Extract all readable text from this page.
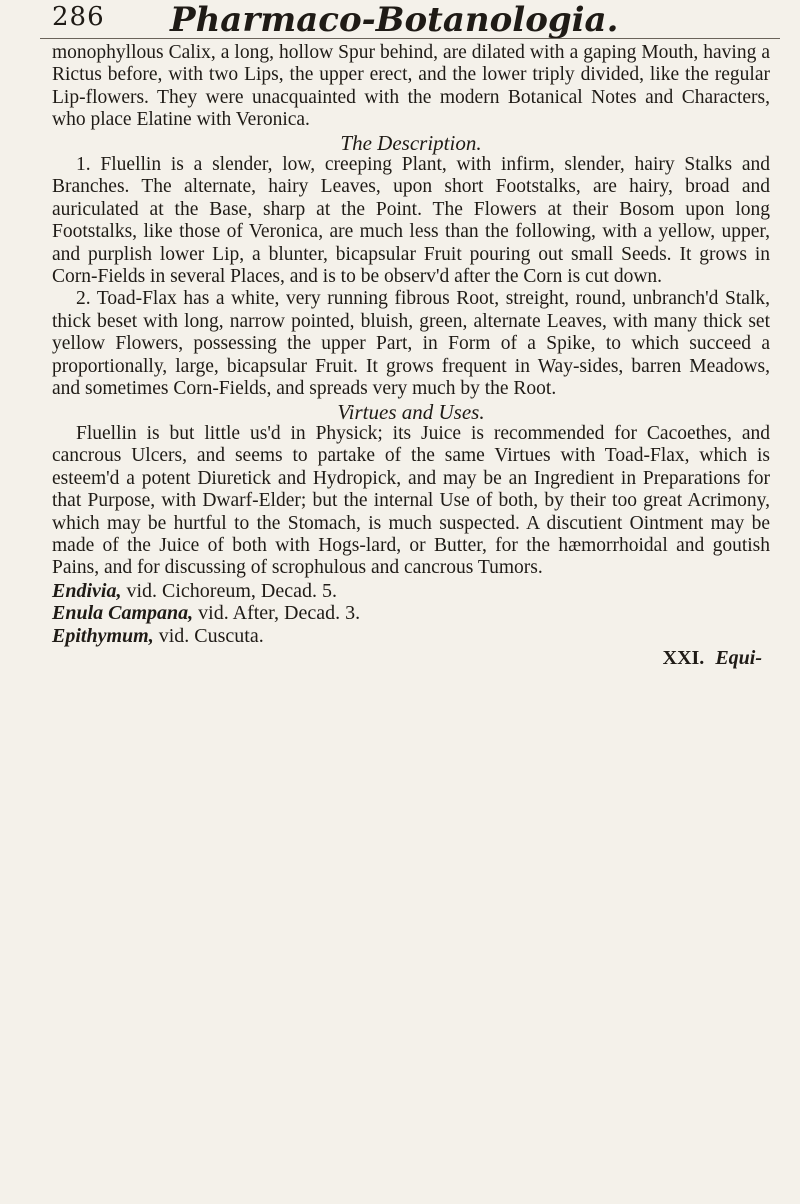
286 Pharmaco-Botanologia.

monophyllous Calix, a long, hollow Spur behind, are dilated with a gaping Mouth, having a Rictus before, with two Lips, the upper erect, and the lower triply divided, like the regular Lip-flowers. They were unacquainted with the modern Botanical Notes and Characters, who place Elatine with Veronica.

The Description.

1. Fluellin is a slender, low, creeping Plant, with infirm, slender, hairy Stalks and Branches. The alternate, hairy Leaves, upon short Footstalks, are hairy, broad and auriculated at the Base, sharp at the Point. The Flowers at their Bosom upon long Footstalks, like those of Veronica, are much less than the following, with a yellow, upper, and purplish lower Lip, a blunter, bicapsular Fruit pouring out small Seeds. It grows in Corn-Fields in several Places, and is to be observ'd after the Corn is cut down.

2. Toad-Flax has a white, very running fibrous Root, streight, round, unbranch'd Stalk, thick beset with long, narrow pointed, bluish, green, alternate Leaves, with many thick set yellow Flowers, possessing the upper Part, in Form of a Spike, to which succeed a proportionally, large, bicapsular Fruit. It grows frequent in Way-sides, barren Meadows, and sometimes Corn-Fields, and spreads very much by the Root.

Virtues and Uses.

Fluellin is but little us'd in Physick; its Juice is recommended for Cacoethes, and cancrous Ulcers, and seems to partake of the same Virtues with Toad-Flax, which is esteem'd a potent Diuretick and Hydropick, and may be an Ingredient in Preparations for that Purpose, with Dwarf-Elder; but the internal Use of both, by their too great Acrimony, which may be hurtful to the Stomach, is much suspected. A discutient Ointment may be made of the Juice of both with Hogs-lard, or Butter, for the hæmorrhoidal and goutish Pains, and for discussing of scrophulous and cancrous Tumors.

Endivia, vid. Cichoreum, Decad. 5.

Enula Campana, vid. After, Decad. 3.

Epithymum, vid. Cuscuta.

XXI. Equi-
